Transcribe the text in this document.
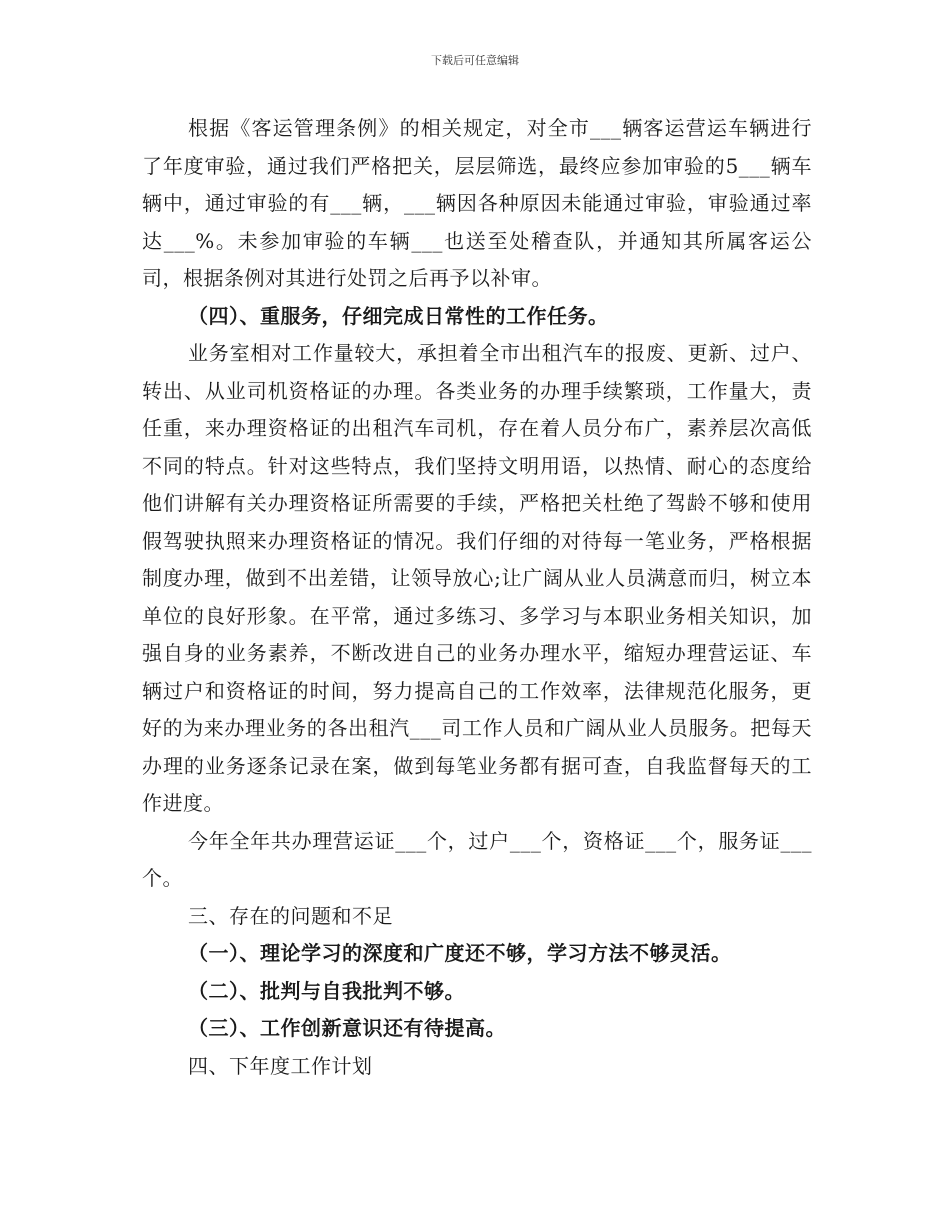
下载后可任意编辑

根据《客运管理条例》的相关规定，对全市___辆客运营运车辆进行了年度审验，通过我们严格把关，层层筛选，最终应参加审验的5___辆车辆中，通过审验的有___辆，___辆因各种原因未能通过审验，审验通过率达___%。未参加审验的车辆___也送至处稽查队，并通知其所属客运公司，根据条例对其进行处罚之后再予以补审。

（四）、重服务，仔细完成日常性的工作任务。

业务室相对工作量较大，承担着全市出租汽车的报废、更新、过户、转出、从业司机资格证的办理。各类业务的办理手续繁琐，工作量大，责任重，来办理资格证的出租汽车司机，存在着人员分布广，素养层次高低不同的特点。针对这些特点，我们坚持文明用语，以热情、耐心的态度给他们讲解有关办理资格证所需要的手续，严格把关杜绝了驾龄不够和使用假驾驶执照来办理资格证的情况。我们仔细的对待每一笔业务，严格根据制度办理，做到不出差错，让领导放心;让广阔从业人员满意而归，树立本单位的良好形象。在平常，通过多练习、多学习与本职业务相关知识，加强自身的业务素养，不断改进自己的业务办理水平，缩短办理营运证、车辆过户和资格证的时间，努力提高自己的工作效率，法律规范化服务，更好的为来办理业务的各出租汽___司工作人员和广阔从业人员服务。把每天办理的业务逐条记录在案，做到每笔业务都有据可查，自我监督每天的工作进度。

今年全年共办理营运证___个，过户___个，资格证___个，服务证___个。

三、存在的问题和不足

（一）、理论学习的深度和广度还不够，学习方法不够灵活。

（二）、批判与自我批判不够。

（三）、工作创新意识还有待提高。

四、下年度工作计划
